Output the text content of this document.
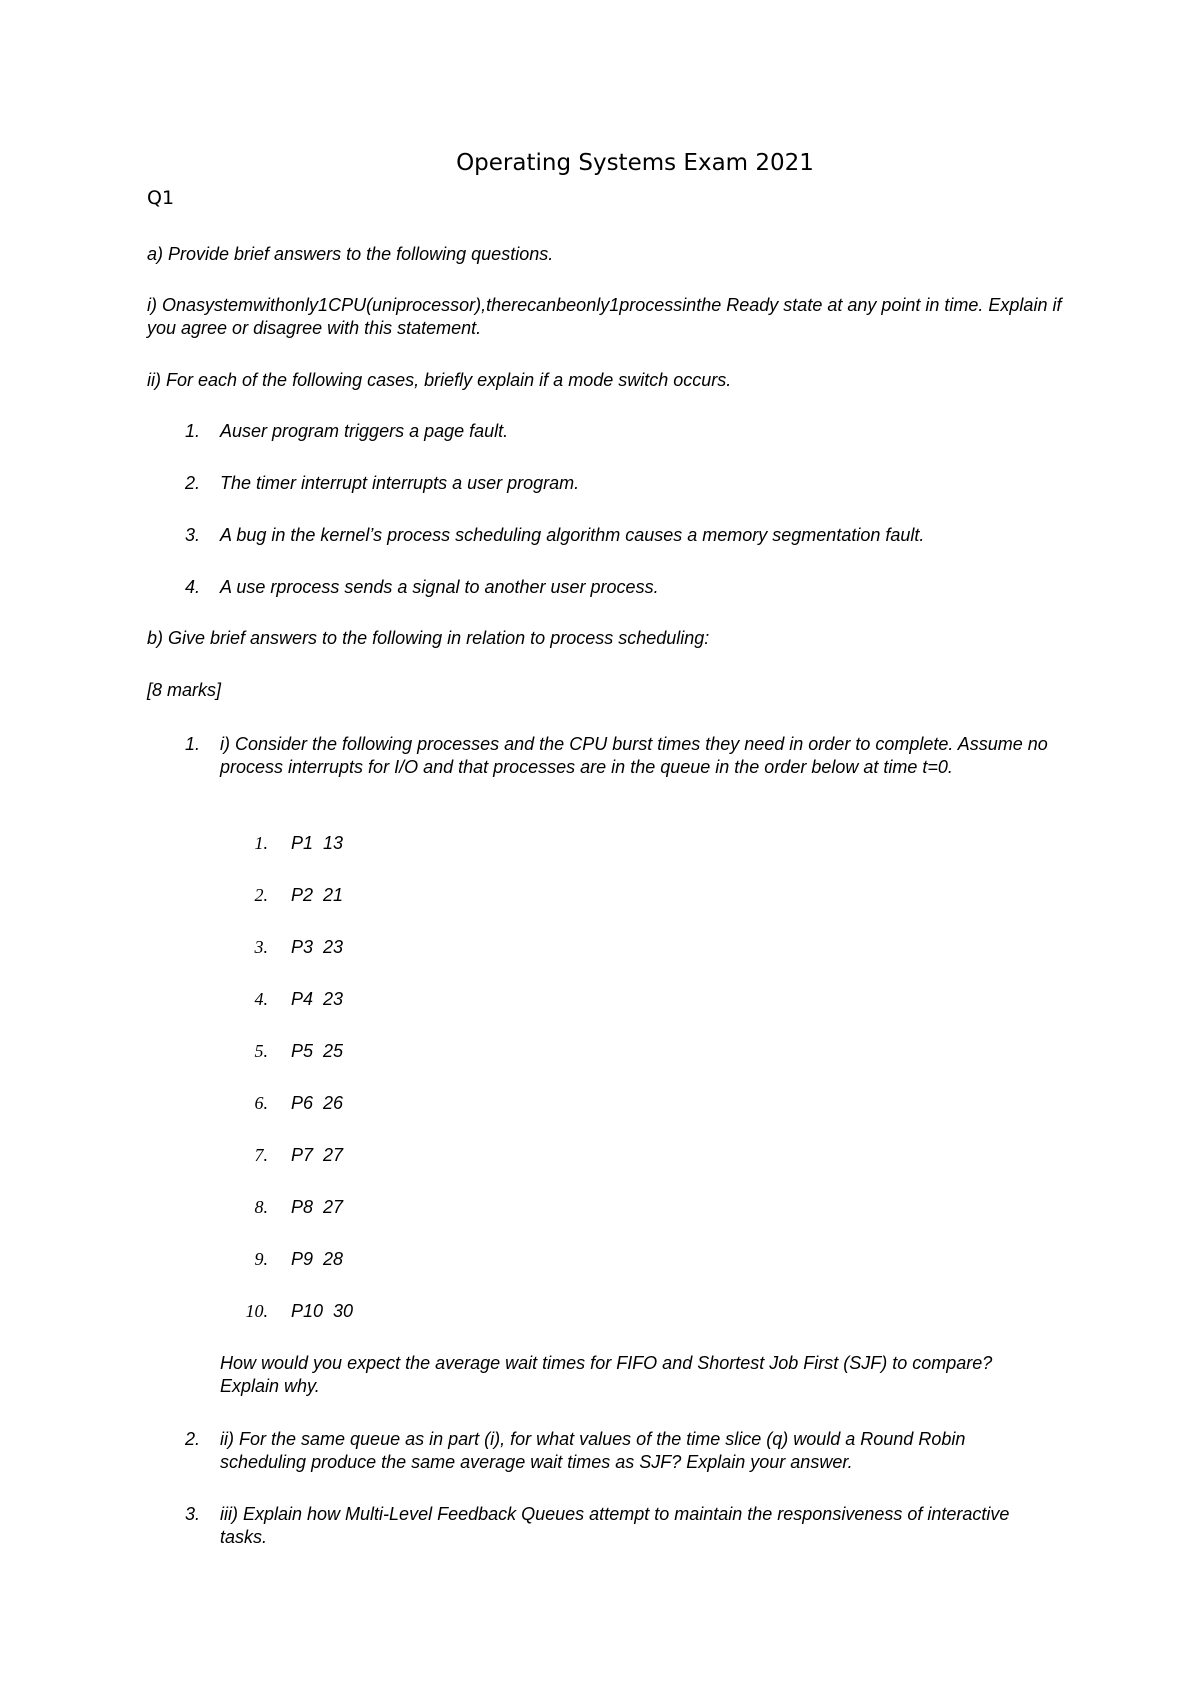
Operating Systems Exam 2021
Q1
a) Provide brief answers to the following questions.
i) Onasystemwithonly1CPU(uniprocessor),therecanbeonly1processinthe Ready state at any point in time. Explain if you agree or disagree with this statement.
ii) For each of the following cases, briefly explain if a mode switch occurs.
1. Auser program triggers a page fault.
2. The timer interrupt interrupts a user program.
3. A bug in the kernel’s process scheduling algorithm causes a memory segmentation fault.
4. A use rprocess sends a signal to another user process.
b) Give brief answers to the following in relation to process scheduling:
[8 marks]
1. i) Consider the following processes and the CPU burst times they need in order to complete. Assume no process interrupts for I/O and that processes are in the queue in the order below at time t=0.
1. P1  13
2. P2  21
3. P3  23
4. P4  23
5. P5  25
6. P6  26
7. P7  27
8. P8  27
9. P9  28
10. P10  30
How would you expect the average wait times for FIFO and Shortest Job First (SJF) to compare? Explain why.
2. ii) For the same queue as in part (i), for what values of the time slice (q) would a Round Robin scheduling produce the same average wait times as SJF? Explain your answer.
3. iii) Explain how Multi-Level Feedback Queues attempt to maintain the responsiveness of interactive tasks.
